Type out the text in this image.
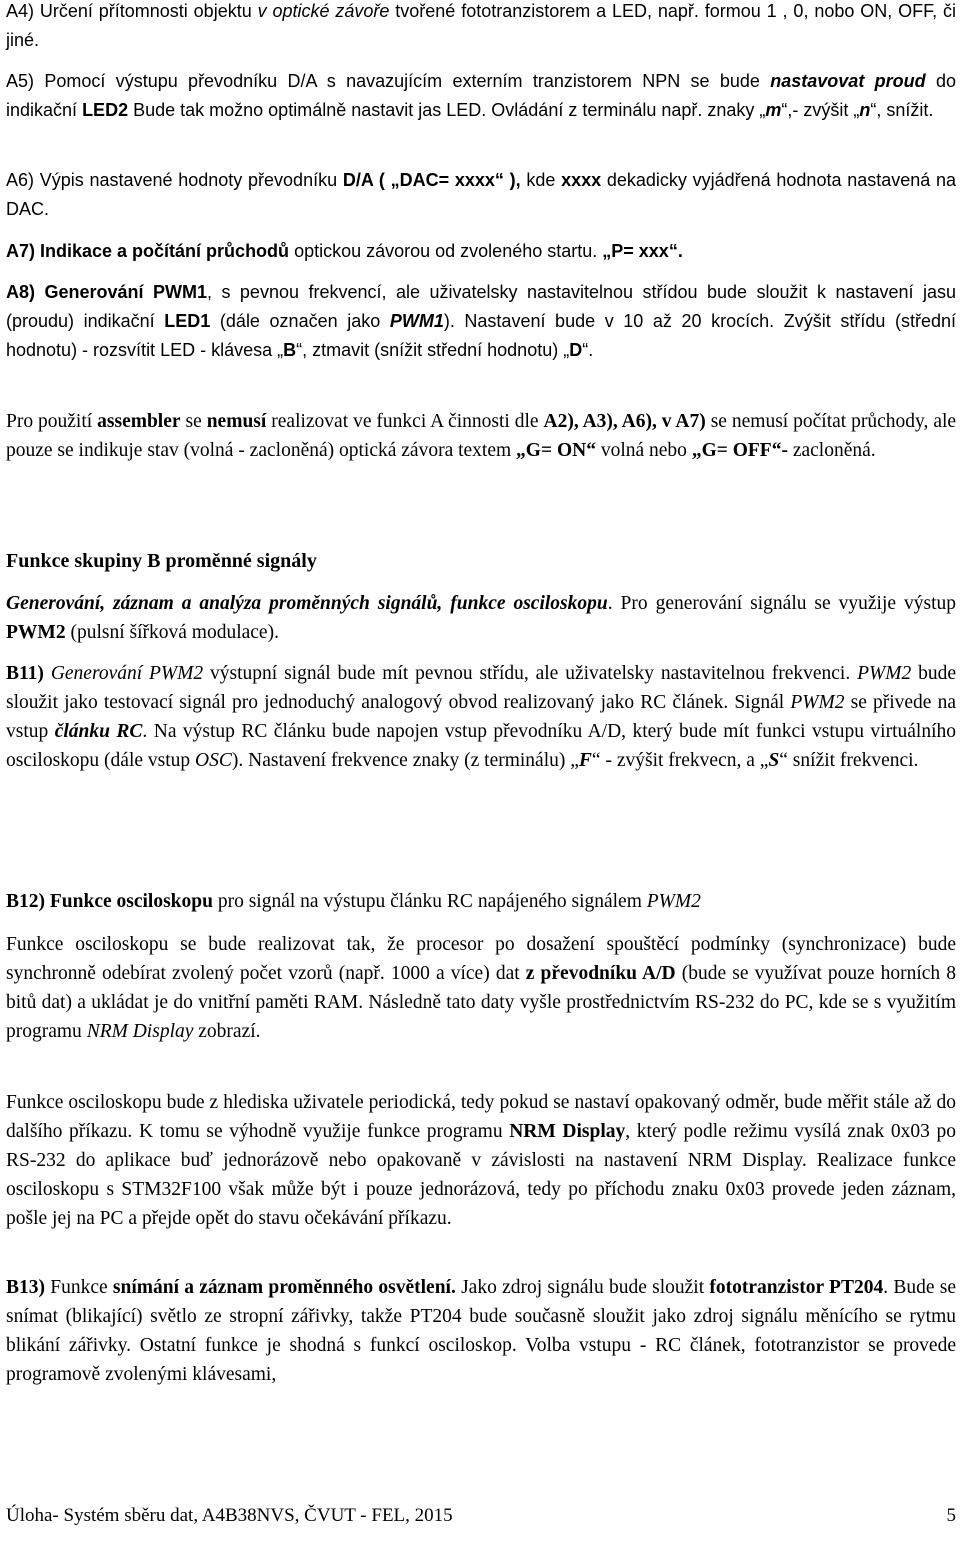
A4) Určení přítomnosti objektu v optické závoře tvořené fototranzistorem a LED, např. formou 1 , 0, nobo ON, OFF, či jiné.
A5) Pomocí výstupu převodníku D/A s navazujícím externím tranzistorem NPN se bude nastavovat proud do indikační LED2 Bude tak možno optimálně nastavit jas LED. Ovládání z terminálu např. znaky „m“,- zvýšit „n“, snížit.
A6) Výpis nastavené hodnoty převodníku D/A ( „DAC= xxxx“ ), kde xxxx dekadicky vyjádřená hodnota nastavená na DAC.
A7) Indikace a počítání průchodů optickou závorou od zvoleného startu. „P= xxx“.
A8) Generování PWM1, s pevnou frekvencí, ale uživatelsky nastavitelnou střídou bude sloužit k nastavení jasu (proudu) indikační LED1 (dále označen jako PWM1). Nastavení bude v 10 až 20 krocích. Zvýšit střídu (střední hodnotu) - rozsvítit LED - klávesa „B“, ztmavit (snížit střední hodnotu) „D“.
Pro použití assembler se nemusí realizovat ve funkci A činnosti dle A2), A3), A6), v A7) se nemusí počítat průchody, ale pouze se indikuje stav (volná - zacloněná) optická závora textem „G= ON“ volná nebo „G= OFF“- zacloněná.
Funkce skupiny B proměnné signály
Generování, záznam a analýza proměnných signálů, funkce osciloskopu. Pro generování signálu se využije výstup PWM2 (pulsní šířková modulace).
B11) Generování PWM2 výstupní signál bude mít pevnou střídu, ale uživatelsky nastavitelnou frekvenci. PWM2 bude sloužit jako testovací signál pro jednoduchý analogový obvod realizovaný jako RC článek. Signál PWM2 se přivede na vstup článku RC. Na výstup RC článku bude napojen vstup převodníku A/D, který bude mít funkci vstupu virtuálního osciloskopu (dále vstup OSC). Nastavení frekvence znaky (z terminálu) „F“ - zvýšit frekvecn, a „S“ snížit frekvenci.
B12) Funkce osciloskopu pro signál na výstupu článku RC napájeného signálem PWM2
Funkce osciloskopu se bude realizovat tak, že procesor po dosažení spouštěcí podmínky (synchronizace) bude synchronně odebírat zvolený počet vzorů (např. 1000 a více) dat z převodníku A/D (bude se využívat pouze horních 8 bitů dat) a ukládat je do vnitřní paměti RAM. Následně tato daty vyšle prostřednictvím RS-232 do PC, kde se s využitím programu NRM Display zobrazí.
Funkce osciloskopu bude z hlediska uživatele periodická, tedy pokud se nastaví opakovaný odměr, bude měřit stále až do dalšího příkazu. K tomu se výhodně využije funkce programu NRM Display, který podle režimu vysílá znak 0x03 po RS-232 do aplikace buď jednorázově nebo opakovaně v závislosti na nastavení NRM Display. Realizace funkce osciloskopu s STM32F100 však může být i pouze jednorázová, tedy po příchodu znaku 0x03 provede jeden záznam, pošle jej na PC a přejde opět do stavu očekávání příkazu.
B13) Funkce snímání a záznam proměnného osvětlení. Jako zdroj signálu bude sloužit fototranzistor PT204. Bude se snímat (blikající) světlo ze stropní zářivky, takže PT204 bude současně sloužit jako zdroj signálu měnícího se rytmu blikání zářivky. Ostatní funkce je shodná s funkcí osciloskop. Volba vstupu - RC článek, fototranzistor se provede programově zvolenými klávesami,
Úloha- Systém sběru dat, A4B38NVS, ČVUT - FEL, 2015	5
